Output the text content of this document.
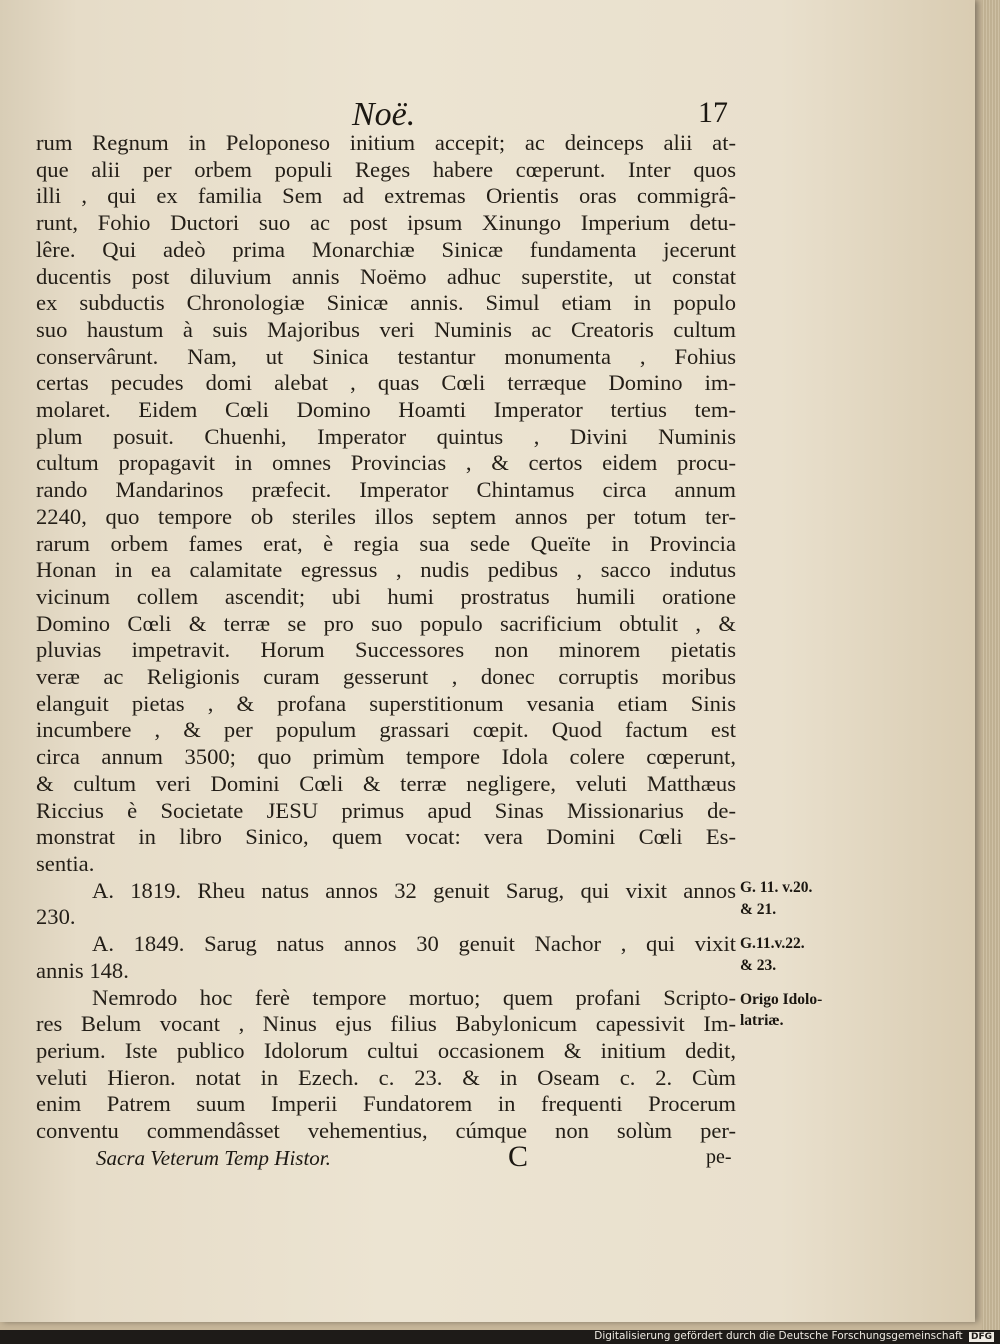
Noë.	17
rum Regnum in Peloponeso initium accepit; ac deinceps alii at-
que alii per orbem populi Reges habere cœperunt. Inter quos
illi , qui ex familia Sem ad extremas Orientis oras commigrâ-
runt, Fohio Ductori suo ac post ipsum Xinungo Imperium detu-
lêre. Qui adeò prima Monarchiæ Sinicæ fundamenta jecerunt
ducentis post diluvium annis Noëmo adhuc superstite, ut constat
ex subductis Chronologiæ Sinicæ annis. Simul etiam in populo
suo haustum à suis Majoribus veri Numinis ac Creatoris cultum
conservârunt. Nam, ut Sinica testantur monumenta , Fohius
certas pecudes domi alebat , quas Cœli terræque Domino im-
molaret. Eidem Cœli Domino Hoamti Imperator tertius tem-
plum posuit. Chuenhi, Imperator quintus , Divini Numinis
cultum propagavit in omnes Provincias , & certos eidem procu-
rando Mandarinos præfecit. Imperator Chintamus circa annum
2240, quo tempore ob steriles illos septem annos per totum ter-
rarum orbem fames erat, è regia sua sede Queïte in Provincia
Honan in ea calamitate egressus , nudis pedibus , sacco indutus
vicinum collem ascendit; ubi humi prostratus humili oratione
Domino Cœli & terræ se pro suo populo sacrificium obtulit , &
pluvias impetravit. Horum Successores non minorem pietatis
veræ ac Religionis curam gesserunt , donec corruptis moribus
elanguit pietas , & profana superstitionum vesania etiam Sinis
incumbere , & per populum grassari cœpit. Quod factum est
circa annum 3500; quo primùm tempore Idola colere cœperunt,
& cultum veri Domini Cœli & terræ negligere, veluti Matthæus
Riccius è Societate JESU primus apud Sinas Missionarius de-
monstrat in libro Sinico, quem vocat: vera Domini Cœli Es-
sentia.
A. 1819. Rheu natus annos 32 genuit Sarug, qui vixit annos
230.
A. 1849. Sarug natus annos 30 genuit Nachor , qui vixit
annis 148.
Nemrodo hoc ferè tempore mortuo; quem profani Scripto-
res Belum vocant , Ninus ejus filius Babylonicum capessivit Im-
perium. Iste publico Idolorum cultui occasionem & initium dedit,
veluti Hieron. notat in Ezech. c. 23. & in Oseam c. 2. Cùm
enim Patrem suum Imperii Fundatorem in frequenti Procerum
conventu commendâsset vehementius, cúmque non solùm per-
G. 11. v.20.
& 21.
G.11.v.22.
& 23.
Origo Idolo-
latriæ.
Sacra Veterum Temp Histor.	C	pe-
Digitalisierung gefördert durch die Deutsche Forschungsgemeinschaft DFG
